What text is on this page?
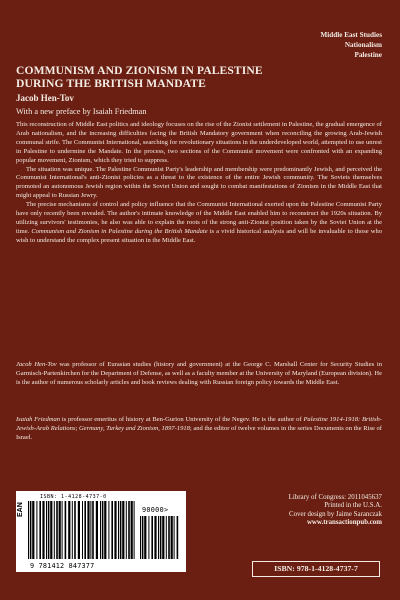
Middle East Studies
Nationalism
Palestine
COMMUNISM AND ZIONISM IN PALESTINE
DURING THE BRITISH MANDATE
Jacob Hen-Tov
With a new preface by Isaiah Friedman

This reconstruction of Middle East politics and ideology focuses on the rise of the Zionist settlement in Palestine, the gradual emergence of Arab nationalism, and the increasing difficulties facing the British Mandatory government when reconciling the growing Arab-Jewish communal strife. The Communist International, searching for revolutionary situations in the underdeveloped world, attempted to use unrest in Palestine to undermine the Mandate. In the process, two sections of the Communist movement were confronted with an expanding popular movement, Zionism, which they tried to suppress.

The situation was unique. The Palestine Communist Party's leadership and membership were predominantly Jewish, and perceived the Communist International's anti-Zionist policies as a threat to the existence of the entire Jewish community. The Soviets themselves promoted an autonomous Jewish region within the Soviet Union and sought to combat manifestations of Zionism in the Middle East that might appeal to Russian Jewry.

The precise mechanisms of control and policy influence that the Communist International exerted upon the Palestine Communist Party have only recently been revealed. The author's intimate knowledge of the Middle East enabled him to reconstruct the 1920s situation. By utilizing survivors' testimonies, he also was able to explain the roots of the strong anti-Zionist position taken by the Soviet Union at the time. Communism and Zionism in Palestine during the British Mandate is a vivid historical analysis and will be invaluable to those who wish to understand the complex present situation in the Middle East.

Jacob Hen-Tov was professor of Eurasian studies (history and government) at the George C. Marshall Center for Security Studies in Garmisch-Partenkirchen for the Department of Defense, as well as a faculty member at the University of Maryland (European division). He is the author of numerous scholarly articles and book reviews dealing with Russian foreign policy towards the Middle East.

Isaiah Friedman is professor emeritus of history at Ben-Gurion University of the Negev. He is the author of Palestine 1914-1918: British-Jewish-Arab Relations; Germany, Turkey and Zionism, 1897-1918; and the editor of twelve volumes in the series Documents on the Rise of Israel.

ISBN: 1-4128-4737-0
EAN	90000>
9 781412 847377
Library of Congress: 2011045637
Printed in the U.S.A.
Cover design by Jaime Saranczak
www.transactionpub.com
ISBN: 978-1-4128-4737-7
